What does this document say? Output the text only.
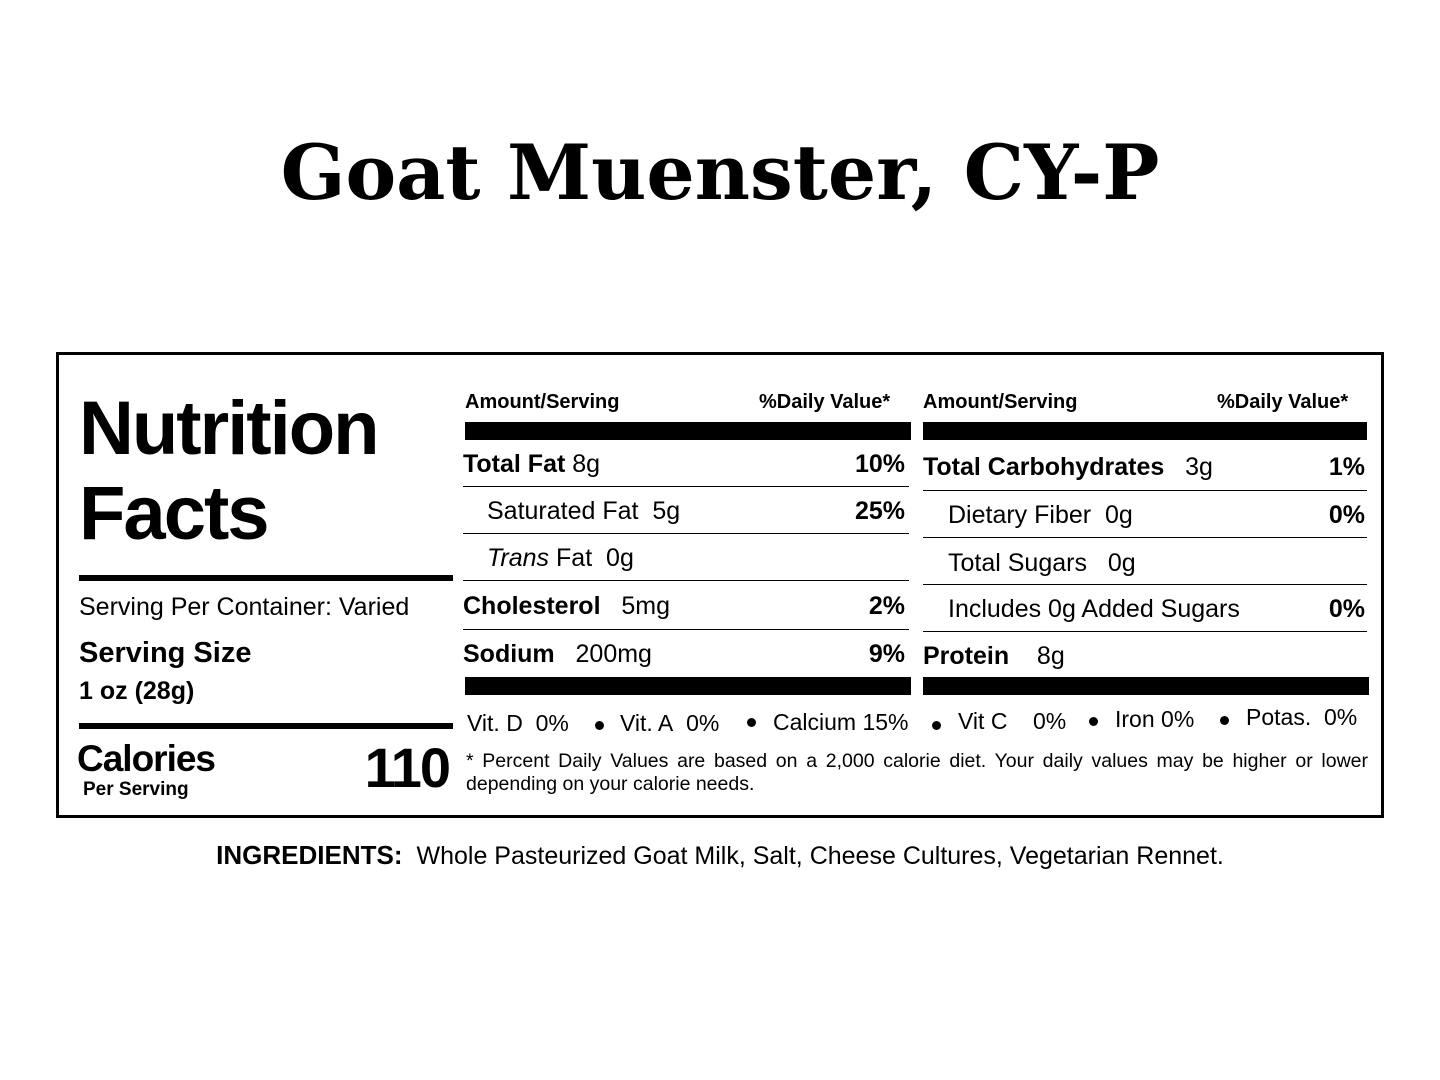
Goat Muenster, CY-P
Nutrition
Facts
Serving Per Container: Varied
Serving Size
1 oz (28g)
Calories
Per Serving	110
Amount/Serving	%Daily Value*
Total Fat 8g	10%
Saturated Fat 5g	25%
Trans Fat 0g
Cholesterol 5mg	2%
Sodium 200mg	9%
Amount/Serving	%Daily Value*
Total Carbohydrates 3g	1%
Dietary Fiber 0g	0%
Total Sugars 0g
Includes 0g Added Sugars	0%
Protein 8g
Vit. D 0% Vit. A 0% Calcium 15% Vit C 0% Iron 0% Potas. 0%
* Percent Daily Values are based on a 2,000 calorie diet. Your daily values may be higher or lower depending on your calorie needs.
INGREDIENTS: Whole Pasteurized Goat Milk, Salt, Cheese Cultures, Vegetarian Rennet.
